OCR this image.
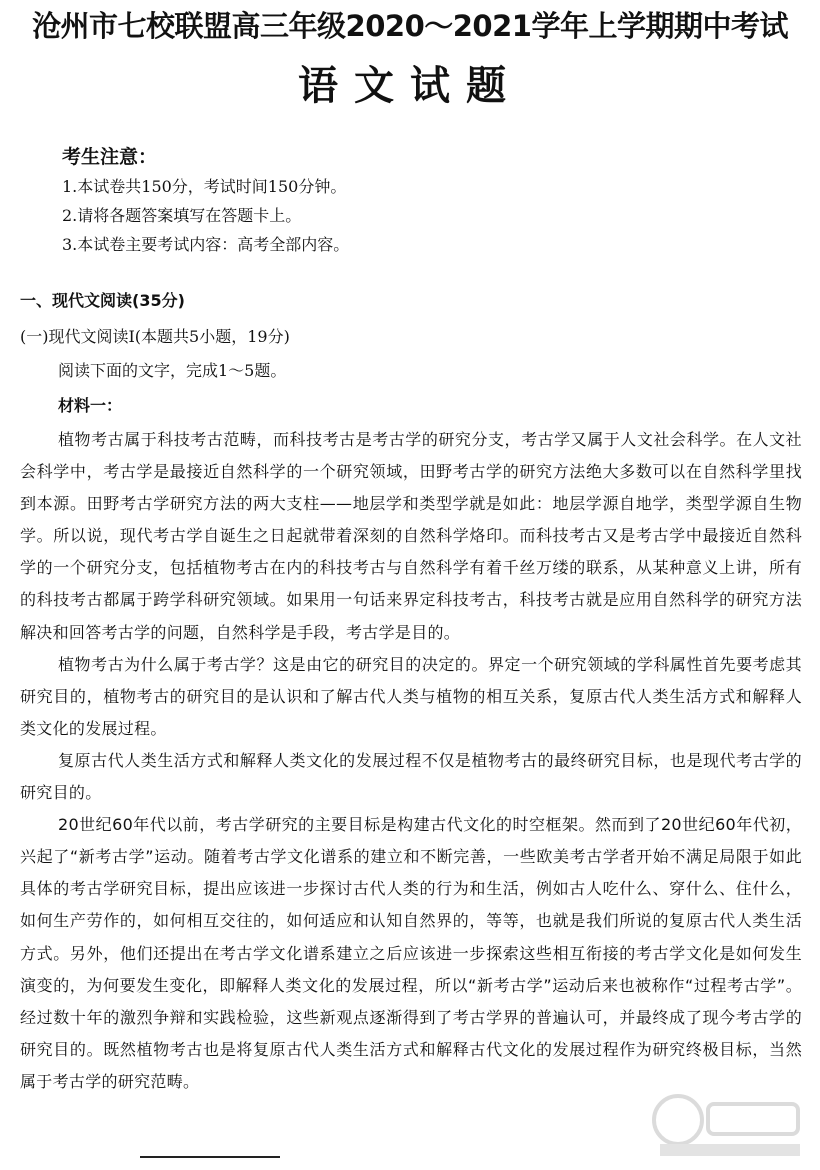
沧州市七校联盟高三年级2020～2021学年上学期期中考试
语文试题
考生注意：
1.本试卷共150分，考试时间150分钟。
2.请将各题答案填写在答题卡上。
3.本试卷主要考试内容：高考全部内容。
一、现代文阅读(35分)
(一)现代文阅读Ⅰ(本题共5小题，19分)
阅读下面的文字，完成1～5题。
材料一：

植物考古属于科技考古范畴，而科技考古是考古学的研究分支，考古学又属于人文社会科学。在人文社会科学中，考古学是最接近自然科学的一个研究领域，田野考古学的研究方法绝大多数可以在自然科学里找到本源。田野考古学研究方法的两大支柱——地层学和类型学就是如此：地层学源自地学，类型学源自生物学。所以说，现代考古学自诞生之日起就带着深刻的自然科学烙印。而科技考古又是考古学中最接近自然科学的一个研究分支，包括植物考古在内的科技考古与自然科学有着千丝万缕的联系，从某种意义上讲，所有的科技考古都属于跨学科研究领域。如果用一句话来界定科技考古，科技考古就是应用自然科学的研究方法解决和回答考古学的问题，自然科学是手段，考古学是目的。

植物考古为什么属于考古学？这是由它的研究目的决定的。界定一个研究领域的学科属性首先要考虑其研究目的，植物考古的研究目的是认识和了解古代人类与植物的相互关系，复原古代人类生活方式和解释人类文化的发展过程。

复原古代人类生活方式和解释人类文化的发展过程不仅是植物考古的最终研究目标，也是现代考古学的研究目的。

20世纪60年代以前，考古学研究的主要目标是构建古代文化的时空框架。然而到了20世纪60年代初，兴起了“新考古学”运动。随着考古学文化谱系的建立和不断完善，一些欧美考古学者开始不满足局限于如此具体的考古学研究目标，提出应该进一步探讨古代人类的行为和生活，例如古人吃什么、穿什么、住什么，如何生产劳作的，如何相互交往的，如何适应和认知自然界的，等等，也就是我们所说的复原古代人类生活方式。另外，他们还提出在考古学文化谱系建立之后应该进一步探索这些相互衔接的考古学文化是如何发生演变的，为何要发生变化，即解释人类文化的发展过程，所以“新考古学”运动后来也被称作“过程考古学”。经过数十年的激烈争辩和实践检验，这些新观点逐渐得到了考古学界的普遍认可，并最终成了现今考古学的研究目的。既然植物考古也是将复原古代人类生活方式和解释古代文化的发展过程作为研究终极目标，当然属于考古学的研究范畴。
